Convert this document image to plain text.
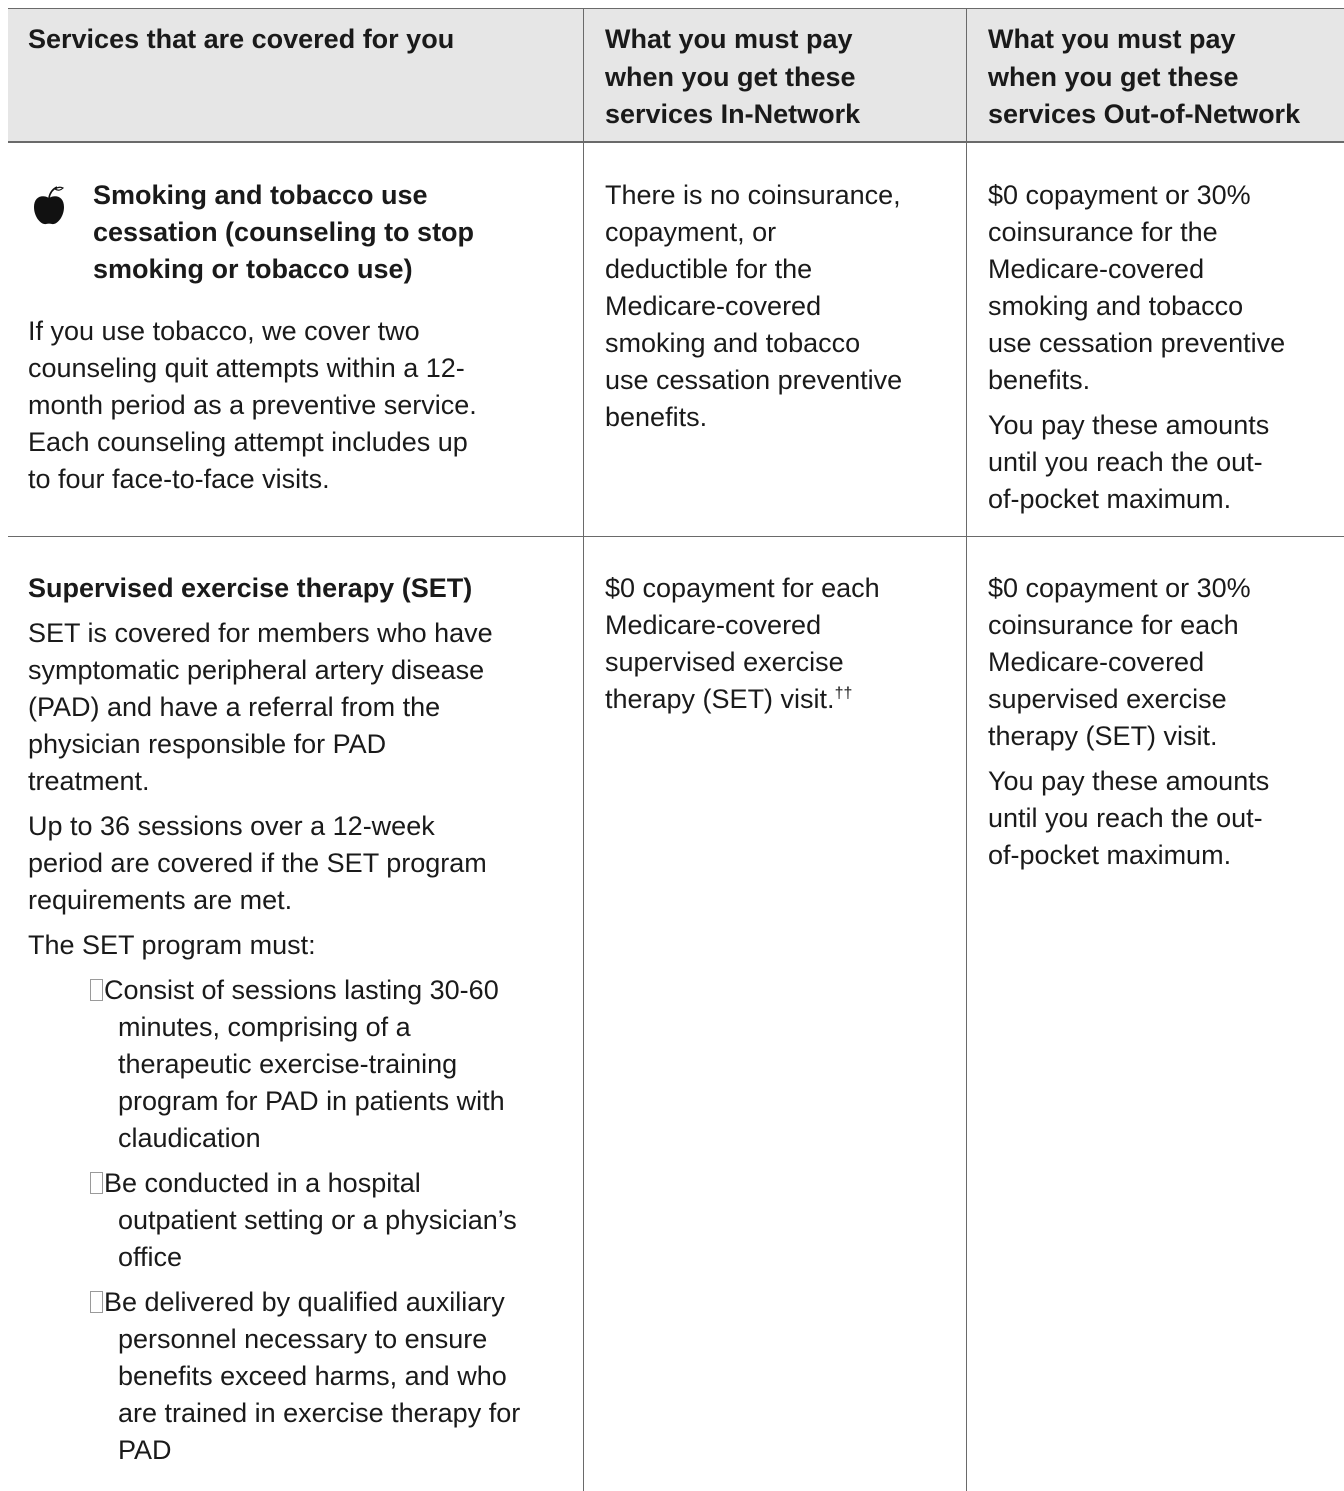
Services that are covered for you	What you must pay
when you get these
services In-Network
What you must pay
when you get these
services Out-of-Network
Smoking and tobacco use
cessation (counseling to stop
smoking or tobacco use)
If you use tobacco, we cover two
counseling quit attempts within a 12-
month period as a preventive service.
Each counseling attempt includes up
to four face-to-face visits.
There is no coinsurance,
copayment, or
deductible for the
Medicare-covered
smoking and tobacco
use cessation preventive
benefits.

$0 copayment or 30%
coinsurance for the
Medicare-covered
smoking and tobacco
use cessation preventive
benefits.

You pay these amounts
until you reach the out-
of-pocket maximum.

Supervised exercise therapy (SET)

SET is covered for members who have
symptomatic peripheral artery disease
(PAD) and have a referral from the
physician responsible for PAD
treatment.

Up to 36 sessions over a 12-week
period are covered if the SET program
requirements are met.

The SET program must:

Consist of sessions lasting 30-60
minutes, comprising of a
therapeutic exercise-training
program for PAD in patients with
claudication
Be conducted in a hospital
outpatient setting or a physician’s
office
Be delivered by qualified auxiliary
personnel necessary to ensure
benefits exceed harms, and who
are trained in exercise therapy for
PAD
$0 copayment for each
Medicare-covered
supervised exercise
therapy (SET) visit.††

$0 copayment or 30%
coinsurance for each
Medicare-covered
supervised exercise
therapy (SET) visit.

You pay these amounts
until you reach the out-
of-pocket maximum.
